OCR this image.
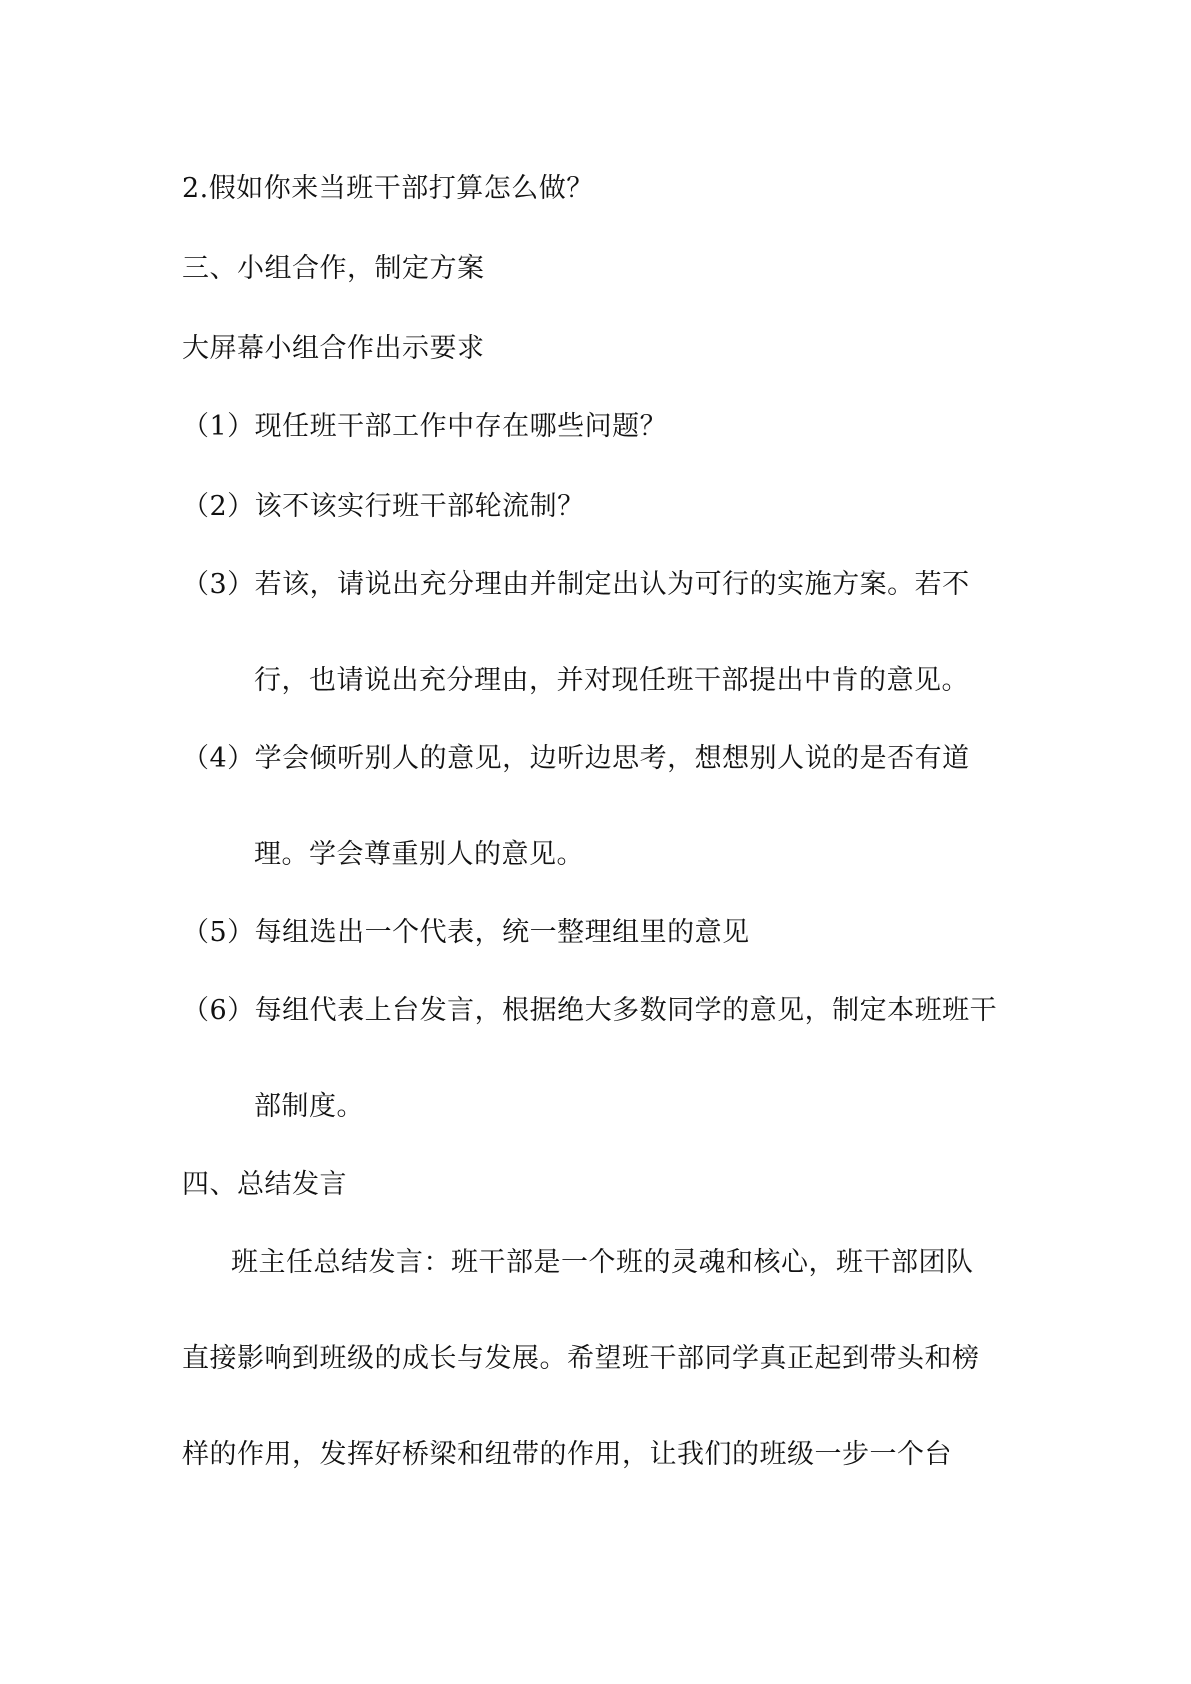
2.假如你来当班干部打算怎么做？
三、小组合作，制定方案
大屏幕小组合作出示要求
（1）现任班干部工作中存在哪些问题？
（2）该不该实行班干部轮流制？
（3）若该，请说出充分理由并制定出认为可行的实施方案。若不
行，也请说出充分理由，并对现任班干部提出中肯的意见。
（4）学会倾听别人的意见，边听边思考，想想别人说的是否有道
理。学会尊重别人的意见。
（5）每组选出一个代表，统一整理组里的意见
（6）每组代表上台发言，根据绝大多数同学的意见，制定本班班干
部制度。
四、总结发言
班主任总结发言：班干部是一个班的灵魂和核心，班干部团队
直接影响到班级的成长与发展。希望班干部同学真正起到带头和榜
样的作用，发挥好桥梁和纽带的作用，让我们的班级一步一个台
